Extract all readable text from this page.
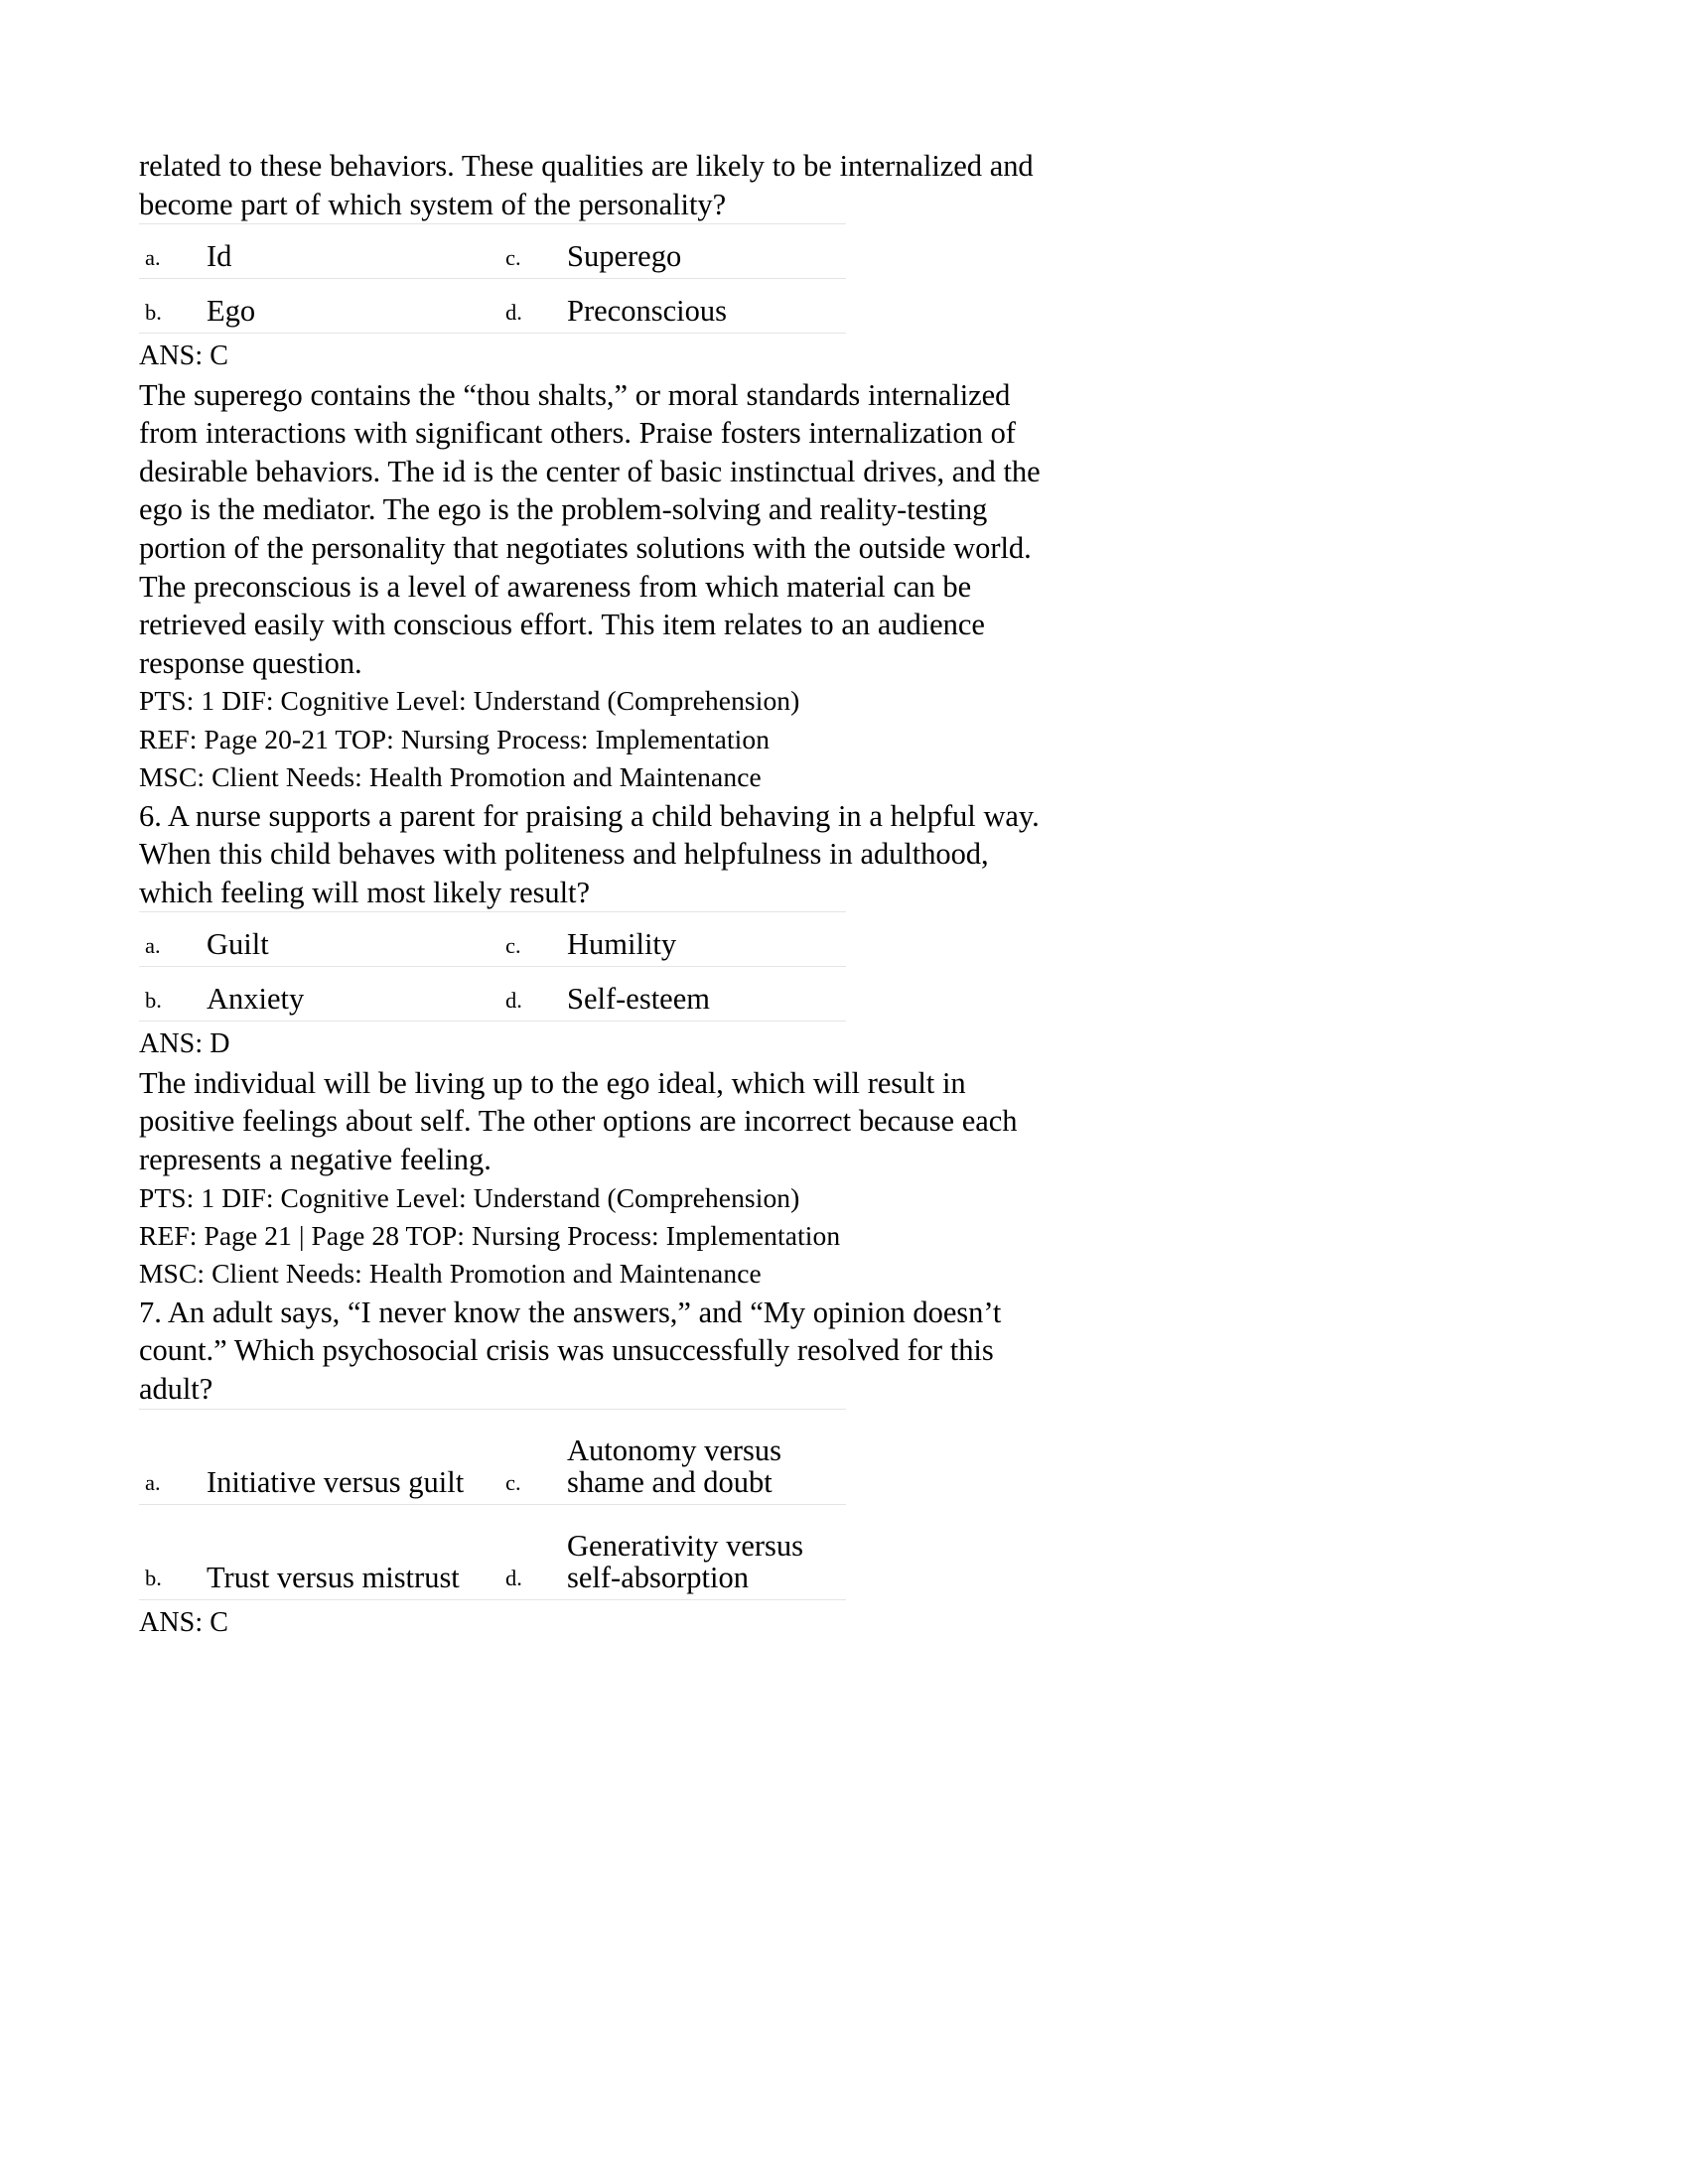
related to these behaviors. These qualities are likely to be internalized and become part of which system of the personality?

a.	Id	c.	Superego
b.	Ego	d.	Preconscious

ANS: C

The superego contains the “thou shalts,” or moral standards internalized from interactions with significant others. Praise fosters internalization of desirable behaviors. The id is the center of basic instinctual drives, and the ego is the mediator. The ego is the problem-solving and reality-testing portion of the personality that negotiates solutions with the outside world. The preconscious is a level of awareness from which material can be retrieved easily with conscious effort. This item relates to an audience response question.

PTS: 1 DIF: Cognitive Level: Understand (Comprehension)

REF: Page 20-21 TOP: Nursing Process: Implementation

MSC: Client Needs: Health Promotion and Maintenance

6. A nurse supports a parent for praising a child behaving in a helpful way. When this child behaves with politeness and helpfulness in adulthood, which feeling will most likely result?

a.	Guilt	c.	Humility
b.	Anxiety	d.	Self-esteem

ANS: D

The individual will be living up to the ego ideal, which will result in positive feelings about self. The other options are incorrect because each represents a negative feeling.

PTS: 1 DIF: Cognitive Level: Understand (Comprehension)

REF: Page 21 | Page 28 TOP: Nursing Process: Implementation

MSC: Client Needs: Health Promotion and Maintenance

7. An adult says, “I never know the answers,” and “My opinion doesn’t count.” Which psychosocial crisis was unsuccessfully resolved for this adult?

a.	Initiative versus guilt	c.	Autonomy versus
shame and doubt

b.	Trust versus mistrust	d.	Generativity versus
self-absorption

ANS: C
